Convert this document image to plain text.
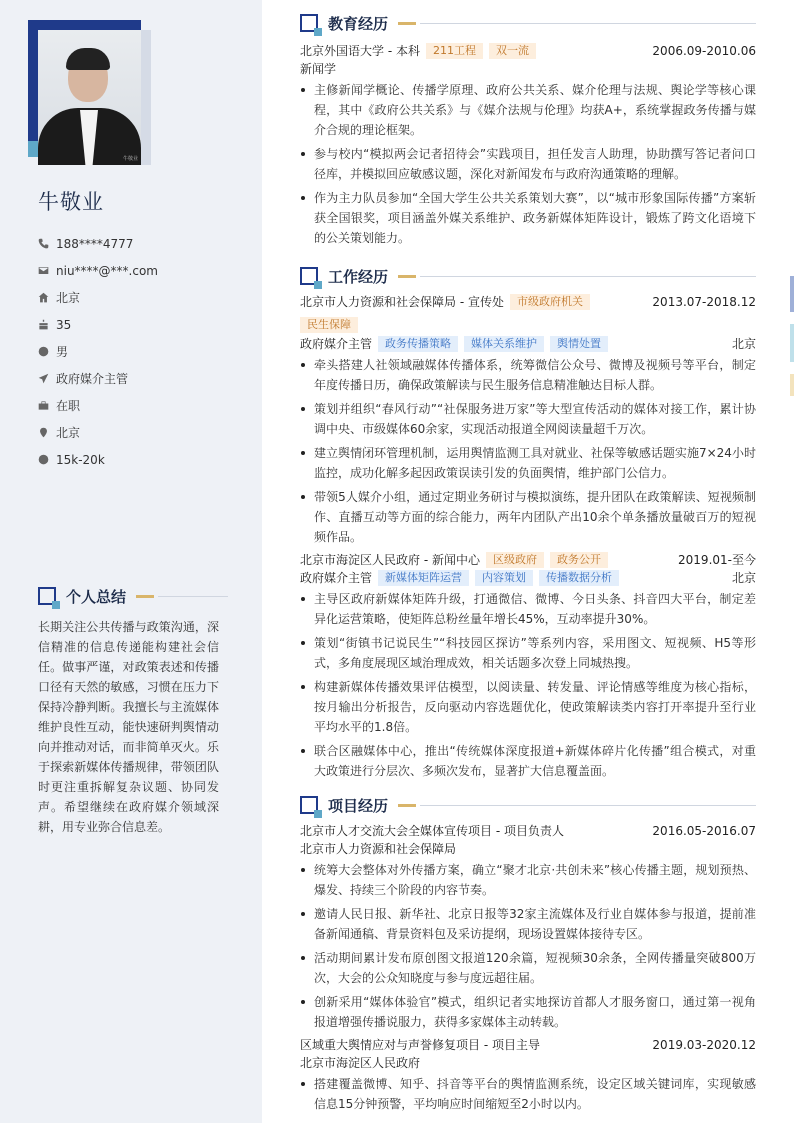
牛敬业
牛敬业
188****4777
niu****@***.com
北京
35
男
政府媒介主管
在职
北京
15k-20k
个人总结
长期关注公共传播与政策沟通，深信精准的信息传递能构建社会信任。做事严谨，对政策表述和传播口径有天然的敏感，习惯在压力下保持冷静判断。我擅长与主流媒体维护良性互动，能快速研判舆情动向并推动对话，而非简单灭火。乐于探索新媒体传播规律，带领团队时更注重拆解复杂议题、协同发声。希望继续在政府媒介领域深耕，用专业弥合信息差。
教育经历
北京外国语大学 - 本科	211工程	双一流	2006.09-2010.06
新闻学
主修新闻学概论、传播学原理、政府公共关系、媒介伦理与法规、舆论学等核心课程，其中《政府公共关系》与《媒介法规与伦理》均获A+，系统掌握政务传播与媒介合规的理论框架。
参与校内“模拟两会记者招待会”实践项目，担任发言人助理，协助撰写答记者问口径库，并模拟回应敏感议题，深化对新闻发布与政府沟通策略的理解。
作为主力队员参加“全国大学生公共关系策划大赛”，以“城市形象国际传播”方案斩获全国银奖，项目涵盖外媒关系维护、政务新媒体矩阵设计，锻炼了跨文化语境下的公关策划能力。
工作经历
北京市人力资源和社会保障局 - 宣传处	市级政府机关	2013.07-2018.12
民生保障
政府媒介主管	政务传播策略	媒体关系维护	舆情处置	北京
牵头搭建人社领域融媒体传播体系，统筹微信公众号、微博及视频号等平台，制定年度传播日历，确保政策解读与民生服务信息精准触达目标人群。
策划并组织“春风行动”“社保服务进万家”等大型宣传活动的媒体对接工作，累计协调中央、市级媒体60余家，实现活动报道全网阅读量超千万次。
建立舆情闭环管理机制，运用舆情监测工具对就业、社保等敏感话题实施7×24小时监控，成功化解多起因政策误读引发的负面舆情，维护部门公信力。
带领5人媒介小组，通过定期业务研讨与模拟演练，提升团队在政策解读、短视频制作、直播互动等方面的综合能力，两年内团队产出10余个单条播放量破百万的短视频作品。
北京市海淀区人民政府 - 新闻中心	区级政府	政务公开	2019.01-至今
政府媒介主管	新媒体矩阵运营	内容策划	传播数据分析	北京
主导区政府新媒体矩阵升级，打通微信、微博、今日头条、抖音四大平台，制定差异化运营策略，使矩阵总粉丝量年增长45%，互动率提升30%。
策划“街镇书记说民生”“科技园区探访”等系列内容，采用图文、短视频、H5等形式，多角度展现区域治理成效，相关话题多次登上同城热搜。
构建新媒体传播效果评估模型，以阅读量、转发量、评论情感等维度为核心指标，按月输出分析报告，反向驱动内容选题优化，使政策解读类内容打开率提升至行业平均水平的1.8倍。
联合区融媒体中心，推出“传统媒体深度报道+新媒体碎片化传播”组合模式，对重大政策进行分层次、多频次发布，显著扩大信息覆盖面。
项目经历
北京市人才交流大会全媒体宣传项目 - 项目负责人	2016.05-2016.07
北京市人力资源和社会保障局
统筹大会整体对外传播方案，确立“聚才北京·共创未来”核心传播主题，规划预热、爆发、持续三个阶段的内容节奏。
邀请人民日报、新华社、北京日报等32家主流媒体及行业自媒体参与报道，提前准备新闻通稿、背景资料包及采访提纲，现场设置媒体接待专区。
活动期间累计发布原创图文报道120余篇，短视频30余条，全网传播量突破800万次，大会的公众知晓度与参与度远超往届。
创新采用“媒体体验官”模式，组织记者实地探访首都人才服务窗口，通过第一视角报道增强传播说服力，获得多家媒体主动转载。
区域重大舆情应对与声誉修复项目 - 项目主导	2019.03-2020.12
北京市海淀区人民政府
搭建覆盖微博、知乎、抖音等平台的舆情监测系统，设定区域关键词库，实现敏感信息15分钟预警，平均响应时间缩短至2小时以内。
